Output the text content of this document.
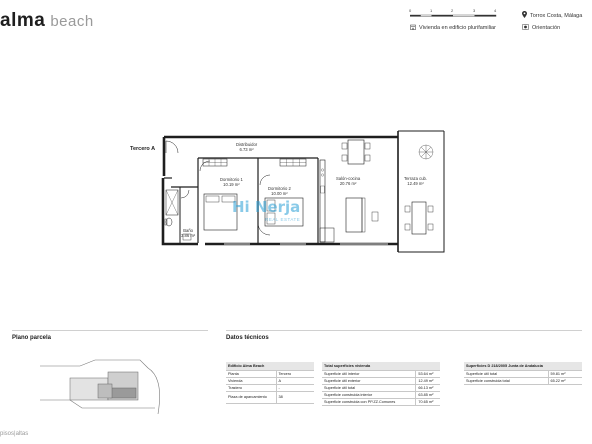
alma beach
0	1	2	3	4
Torrox Costa, Málaga
Vivienda en edificio plurifamiliar	Orientación
Tercero A
Distribuidor
6.73 m²
Dormitorio 1
10.19 m²
Dormitorio 2
10.00 m²
Salón-cocina
20.76 m²
Terraza cub.
12.49 m²
Baño
3.86 m²
Hi Nerja
REAL ESTATE
Plano parcela	Datos técnicos
Edificio Alma Beach	
Planta	Tercero
Vivienda	A
Trastero	-
Plaza de aparcamiento	38
Total superficies vivienda	
Superficie útil interior	53.64 m²
Superficie útil exterior	12.49 m²
Superficie útil total	66.13 m²
Superficie construida interior	63.85 m²
Superficie construida con PP.ZZ.Comunes	70.65 m²
Superficies D 218/2005 Junta de Andalucía	
Superficie útil total	59.81 m²
Superficie construida total	65.22 m²
pisos|altas
